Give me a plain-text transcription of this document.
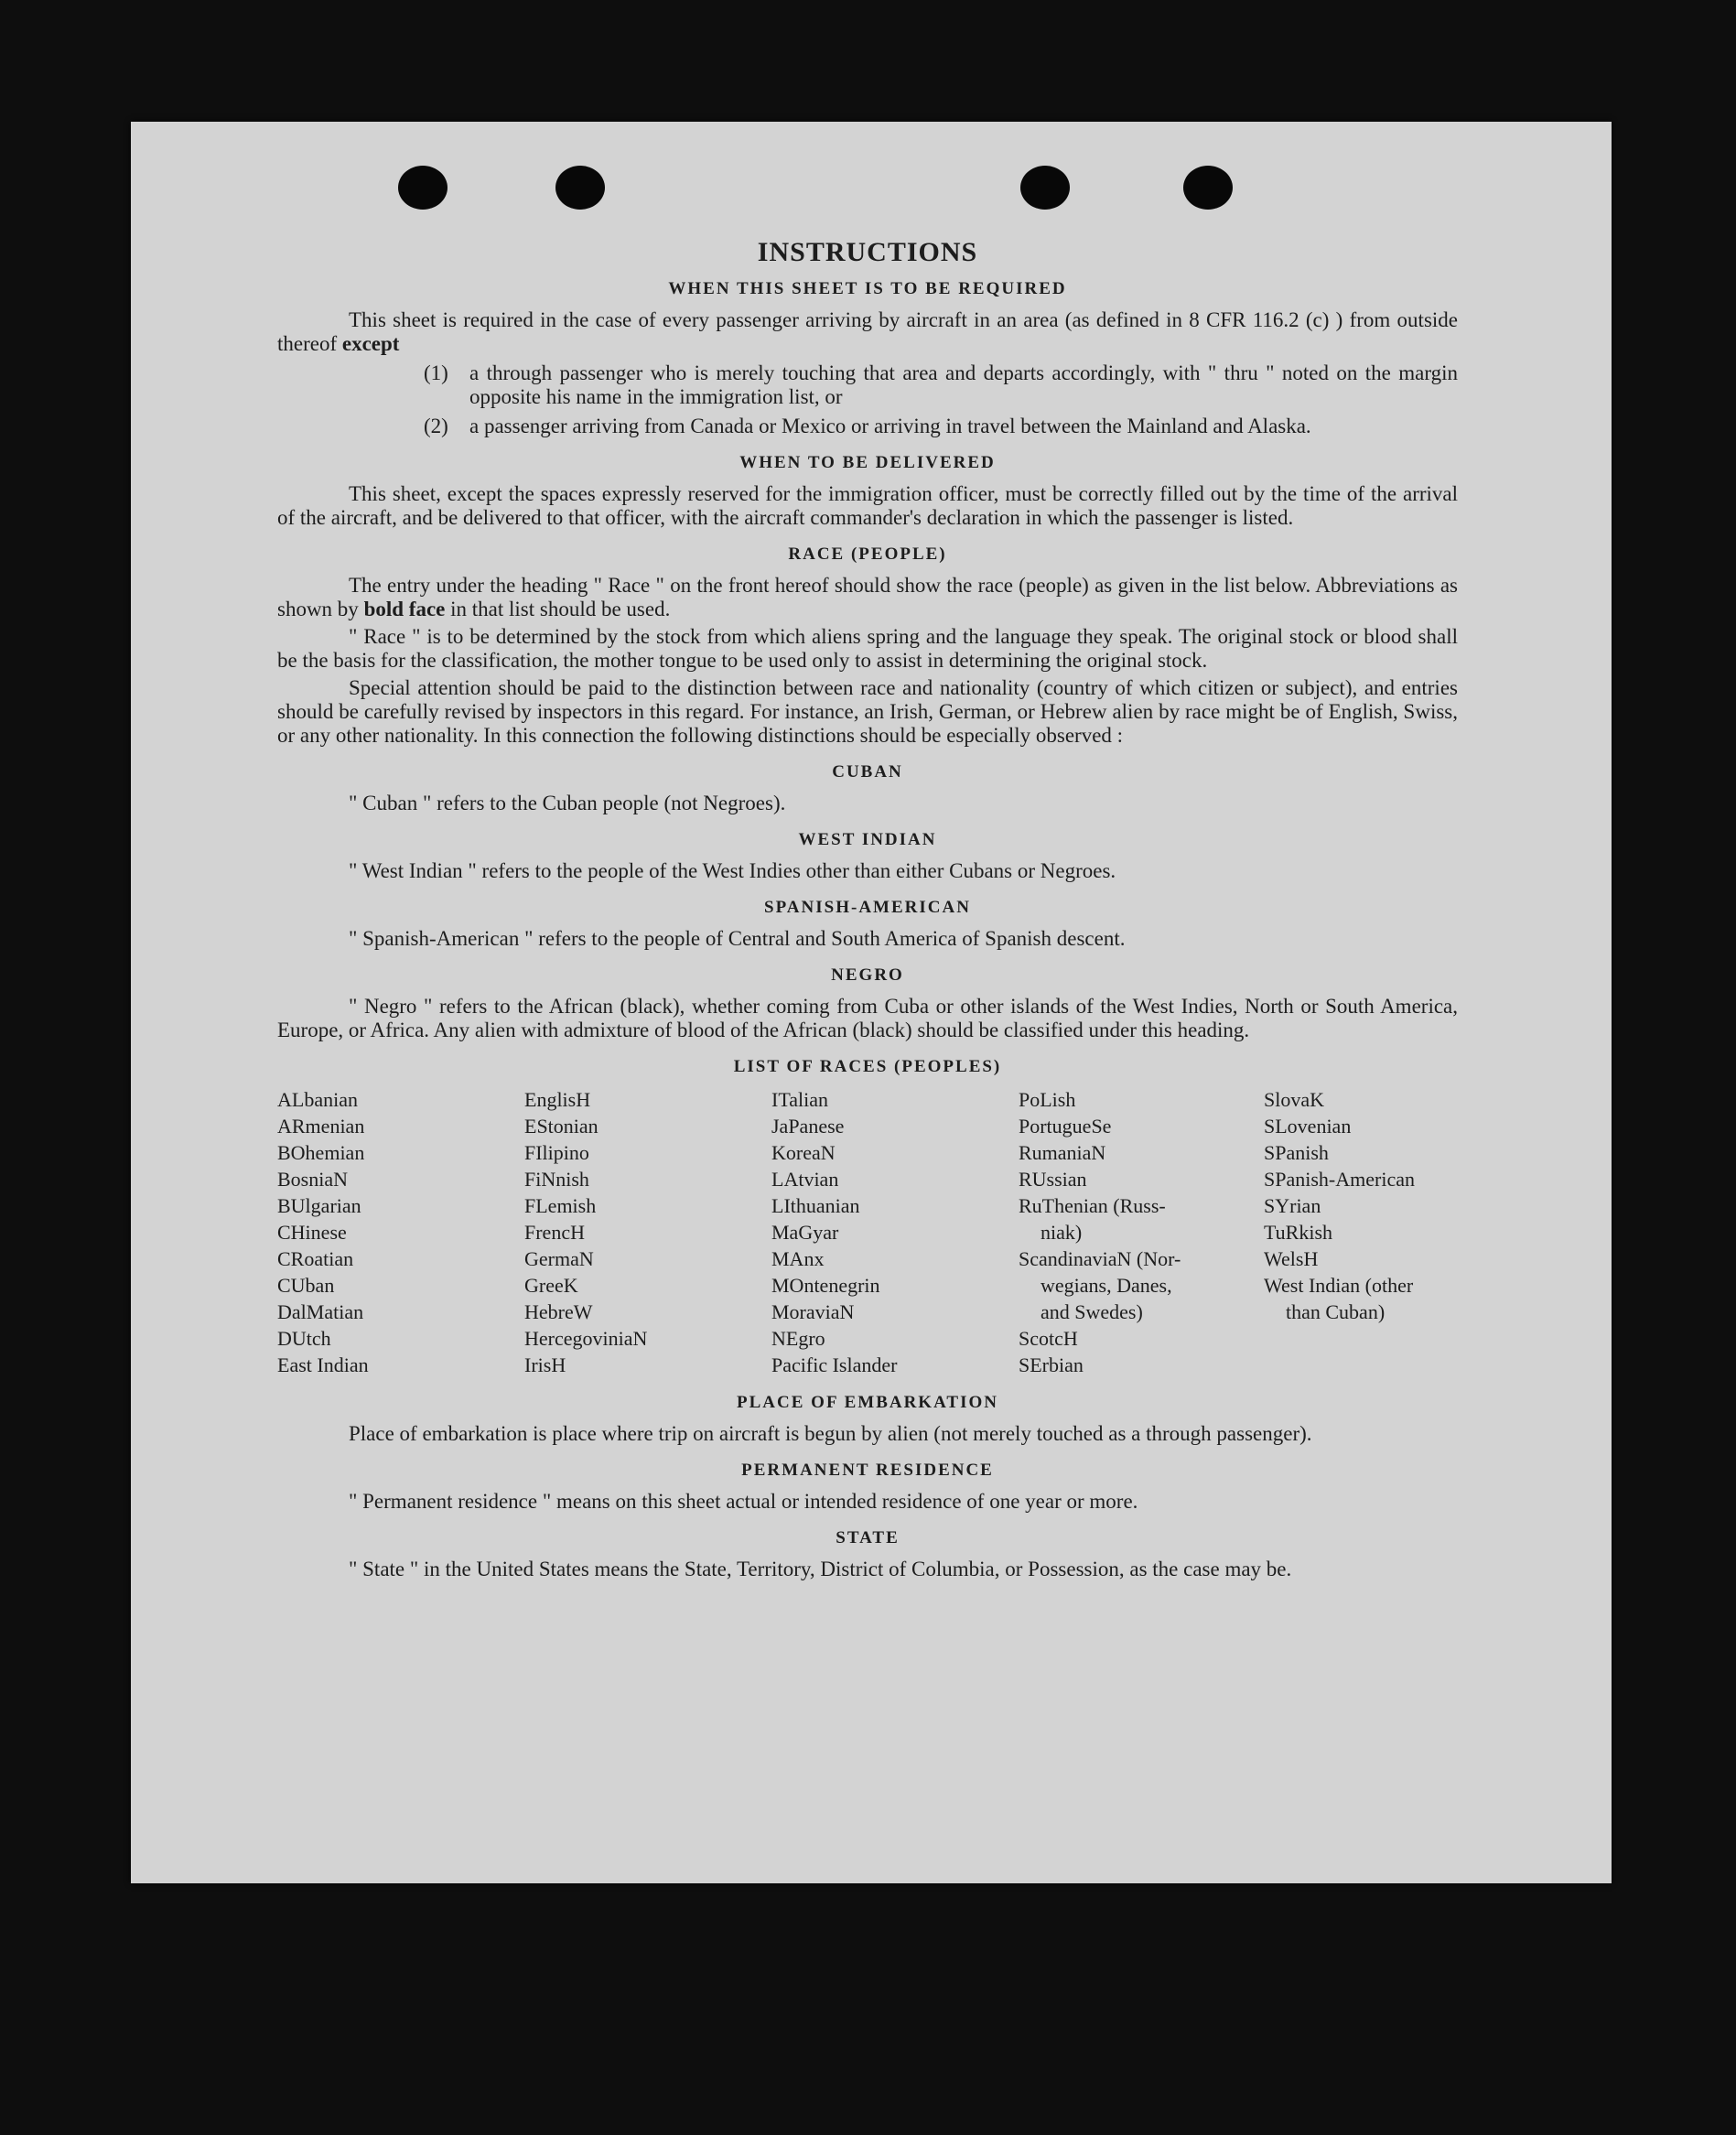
INSTRUCTIONS
WHEN THIS SHEET IS TO BE REQUIRED

This sheet is required in the case of every passenger arriving by aircraft in an area (as defined in 8 CFR 116.2 (c) ) from outside thereof except

(1)	a through passenger who is merely touching that area and departs accordingly, with " thru " noted on the margin opposite his name in the immigration list, or
(2)	a passenger arriving from Canada or Mexico or arriving in travel between the Mainland and Alaska.
WHEN TO BE DELIVERED

This sheet, except the spaces expressly reserved for the immigration officer, must be correctly filled out by the time of the arrival of the aircraft, and be delivered to that officer, with the aircraft commander's declaration in which the passenger is listed.

RACE (PEOPLE)

The entry under the heading " Race " on the front hereof should show the race (people) as given in the list below. Abbreviations as shown by bold face in that list should be used.

" Race " is to be determined by the stock from which aliens spring and the language they speak. The original stock or blood shall be the basis for the classification, the mother tongue to be used only to assist in determining the original stock.

Special attention should be paid to the distinction between race and nationality (country of which citizen or subject), and entries should be carefully revised by inspectors in this regard. For instance, an Irish, German, or Hebrew alien by race might be of English, Swiss, or any other nationality. In this connection the following distinctions should be especially observed :

CUBAN

" Cuban " refers to the Cuban people (not Negroes).

WEST INDIAN

" West Indian " refers to the people of the West Indies other than either Cubans or Negroes.

SPANISH-AMERICAN

" Spanish-American " refers to the people of Central and South America of Spanish descent.

NEGRO

" Negro " refers to the African (black), whether coming from Cuba or other islands of the West Indies, North or South America, Europe, or Africa. Any alien with admixture of blood of the African (black) should be classified under this heading.

LIST OF RACES (PEOPLES)
ALbanian
ARmenian
BOhemian
BosniaN
BUlgarian
CHinese
CRoatian
CUban
DalMatian
DUtch
East Indian
EnglisH
EStonian
FIlipino
FiNnish
FLemish
FrencH
GermaN
GreeK
HebreW
HercegoviniaN
IrisH
ITalian
JaPanese
KoreaN
LAtvian
LIthuanian
MaGyar
MAnx
MOntenegrin
MoraviaN
NEgro
Pacific Islander
PoLish
PortugueSe
RumaniaN
RUssian
RuThenian (Russ-
niak)
ScandinaviaN (Nor-
wegians, Danes,
and Swedes)
ScotcH
SErbian
SlovaK
SLovenian
SPanish
SPanish-American
SYrian
TuRkish
WelsH
West Indian (other
than Cuban)
PLACE OF EMBARKATION

Place of embarkation is place where trip on aircraft is begun by alien (not merely touched as a through passenger).

PERMANENT RESIDENCE

" Permanent residence " means on this sheet actual or intended residence of one year or more.

STATE

" State " in the United States means the State, Territory, District of Columbia, or Possession, as the case may be.
